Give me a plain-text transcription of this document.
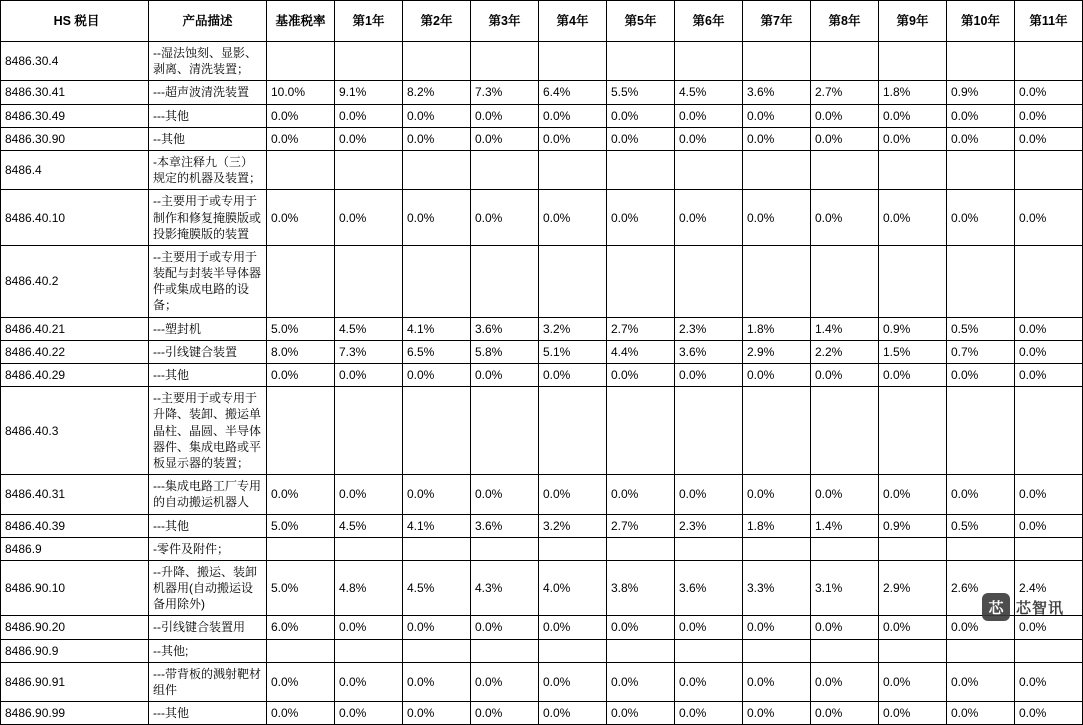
HS 税目	产品描述	基准税率	第1年	第2年	第3年	第4年	第5年	第6年	第7年	第8年	第9年	第10年	第11年
8486.30.4	--湿法蚀刻、显影、剥离、清洗装置；												
8486.30.41	---超声波清洗装置	10.0%	9.1%	8.2%	7.3%	6.4%	5.5%	4.5%	3.6%	2.7%	1.8%	0.9%	0.0%
8486.30.49	---其他	0.0%	0.0%	0.0%	0.0%	0.0%	0.0%	0.0%	0.0%	0.0%	0.0%	0.0%	0.0%
8486.30.90	--其他	0.0%	0.0%	0.0%	0.0%	0.0%	0.0%	0.0%	0.0%	0.0%	0.0%	0.0%	0.0%
8486.4	-本章注释九（三）规定的机器及装置；												
8486.40.10	--主要用于或专用于制作和修复掩膜版或投影掩膜版的装置	0.0%	0.0%	0.0%	0.0%	0.0%	0.0%	0.0%	0.0%	0.0%	0.0%	0.0%	0.0%
8486.40.2	--主要用于或专用于装配与封装半导体器件或集成电路的设备；												
8486.40.21	---塑封机	5.0%	4.5%	4.1%	3.6%	3.2%	2.7%	2.3%	1.8%	1.4%	0.9%	0.5%	0.0%
8486.40.22	---引线键合装置	8.0%	7.3%	6.5%	5.8%	5.1%	4.4%	3.6%	2.9%	2.2%	1.5%	0.7%	0.0%
8486.40.29	---其他	0.0%	0.0%	0.0%	0.0%	0.0%	0.0%	0.0%	0.0%	0.0%	0.0%	0.0%	0.0%
8486.40.3	--主要用于或专用于升降、装卸、搬运单晶柱、晶圆、半导体器件、集成电路或平板显示器的装置；												
8486.40.31	---集成电路工厂专用的自动搬运机器人	0.0%	0.0%	0.0%	0.0%	0.0%	0.0%	0.0%	0.0%	0.0%	0.0%	0.0%	0.0%
8486.40.39	---其他	5.0%	4.5%	4.1%	3.6%	3.2%	2.7%	2.3%	1.8%	1.4%	0.9%	0.5%	0.0%
8486.9	-零件及附件；												
8486.90.10	--升降、搬运、装卸机器用(自动搬运设备用除外)	5.0%	4.8%	4.5%	4.3%	4.0%	3.8%	3.6%	3.3%	3.1%	2.9%	2.6%	2.4%
8486.90.20	--引线键合装置用	6.0%	0.0%	0.0%	0.0%	0.0%	0.0%	0.0%	0.0%	0.0%	0.0%	0.0%	0.0%
8486.90.9	--其他;												
8486.90.91	---带背板的溅射靶材组件	0.0%	0.0%	0.0%	0.0%	0.0%	0.0%	0.0%	0.0%	0.0%	0.0%	0.0%	0.0%
8486.90.99	---其他	0.0%	0.0%	0.0%	0.0%	0.0%	0.0%	0.0%	0.0%	0.0%	0.0%	0.0%	0.0%
芯 芯智讯
